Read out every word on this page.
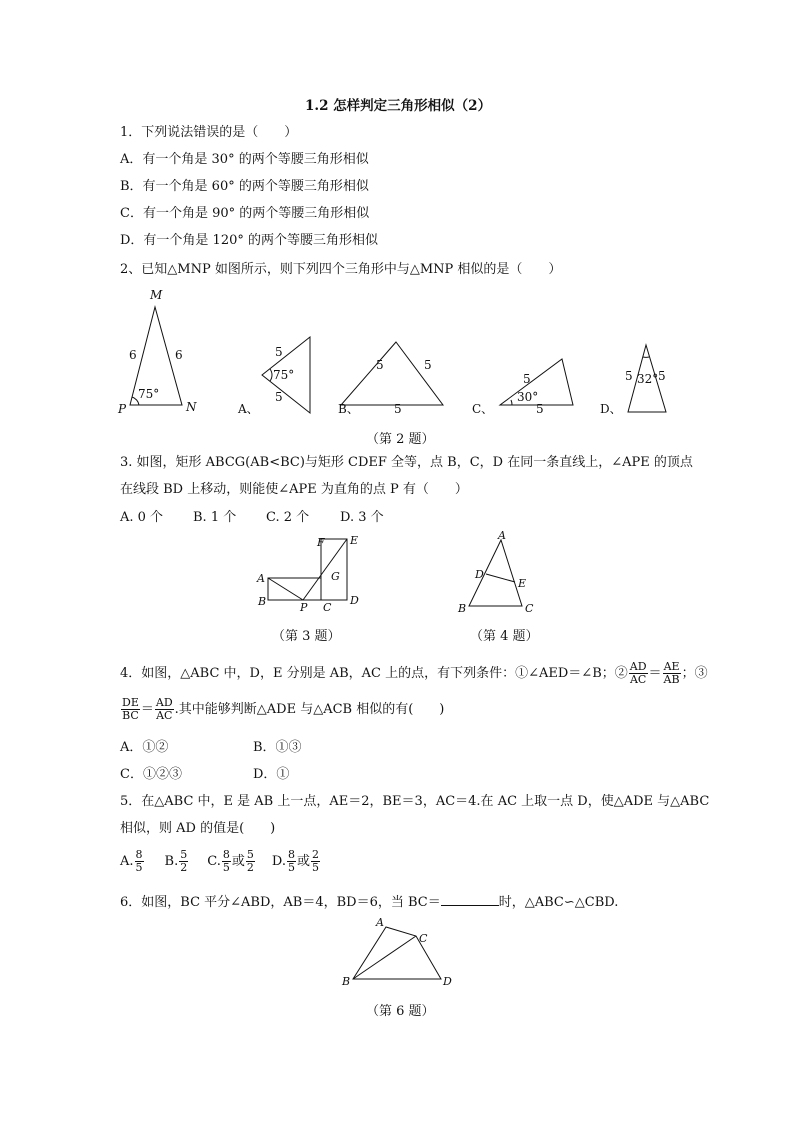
1.2 怎样判定三角形相似（2）
1．下列说法错误的是（　　）
A．有一个角是 30° 的两个等腰三角形相似
B．有一个角是 60° 的两个等腰三角形相似
C．有一个角是 90° 的两个等腰三角形相似
D．有一个角是 120° 的两个等腰三角形相似
2、已知△MNP 如图所示，则下列四个三角形中与△MNP 相似的是（　　）
M
N
P
6	6
75°
5
5
75°
A、
5	5
5
B、
5
5
30°
C、
5 5
32°
D、
（第 2 题）
3. 如图，矩形 ABCG(AB<BC)与矩形 CDEF 全等，点 B，C，D 在同一条直线上，∠APE 的顶点
在线段 BD 上移动，则能使∠APE 为直角的点 P 有（　　）
A. 0 个 B. 1 个 C. 2 个 D. 3 个
A
B	P C
D
E
F
G
（第 3 题）
A
D
E
B	C
（第 4 题）
4．如图，△ABC 中，D，E 分别是 AB，AC 上的点，有下列条件：①∠AED＝∠B；② $\frac{AD}{AC} = \frac{AE}{AB}$ ；③
$\frac{DE}{BC} = \frac{AD}{AC}$ .其中能够判断△ADE 与△ACB 相似的有(　　)
A．①②	B．①③
C．①②③	D．①
5．在△ABC 中，E 是 AB 上一点，AE＝2，BE＝3，AC＝4.在 AC 上取一点 D，使△ADE 与△ABC
相似，则 AD 的值是(　　)
A. $\frac{8}{5} B$. $\frac{5}{2} C$. $\frac{8}{5}$ 或 $\frac{5}{2} D$. $\frac{8}{5}$ 或 $\frac{2}{5}$
6．如图，BC 平分∠ABD，AB＝4，BD＝6，当 BC＝	时，△ABC∽△CBD.
A
C
B	D
（第 6 题）
